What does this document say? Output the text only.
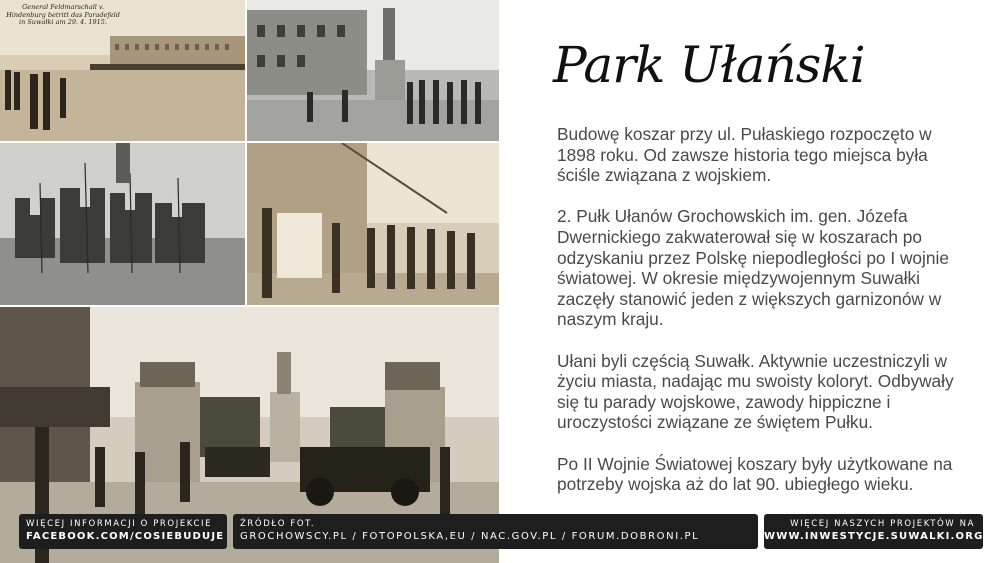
General Feldmarschall v. Hindenburg betritt das Paradefeld in Suwałki am 29. 4. 1915.
Park Ułański

Budowę koszar przy ul. Pułaskiego rozpoczęto w 1898 roku. Od zawsze historia tego miejsca była ściśle związana z wojskiem.

2. Pułk Ułanów Grochowskich im. gen. Józefa Dwernickiego zakwaterował się w koszarach po odzyskaniu przez Polskę niepodległości po I wojnie światowej. W okresie międzywojennym Suwałki zaczęły stanowić jeden z większych garnizonów w naszym kraju.

Ułani byli częścią Suwałk. Aktywnie uczestniczyli w życiu miasta, nadając mu swoisty koloryt. Odbywały się tu parady wojskowe, zawody hippiczne i uroczystości związane ze świętem Pułku.

Po II Wojnie Światowej koszary były użytkowane na potrzeby wojska aż do lat 90. ubiegłego wieku.

WIĘCEJ INFORMACJI O PROJEKCIE
FACEBOOK.COM/COSIEBUDUJE
ŹRÓDŁO FOT.
GROCHOWSCY.PL / FOTOPOLSKA,EU / NAC.GOV.PL / FORUM.DOBRONI.PL
WIĘCEJ NASZYCH PROJEKTÓW NA
WWW.INWESTYCJE.SUWALKI.ORG
